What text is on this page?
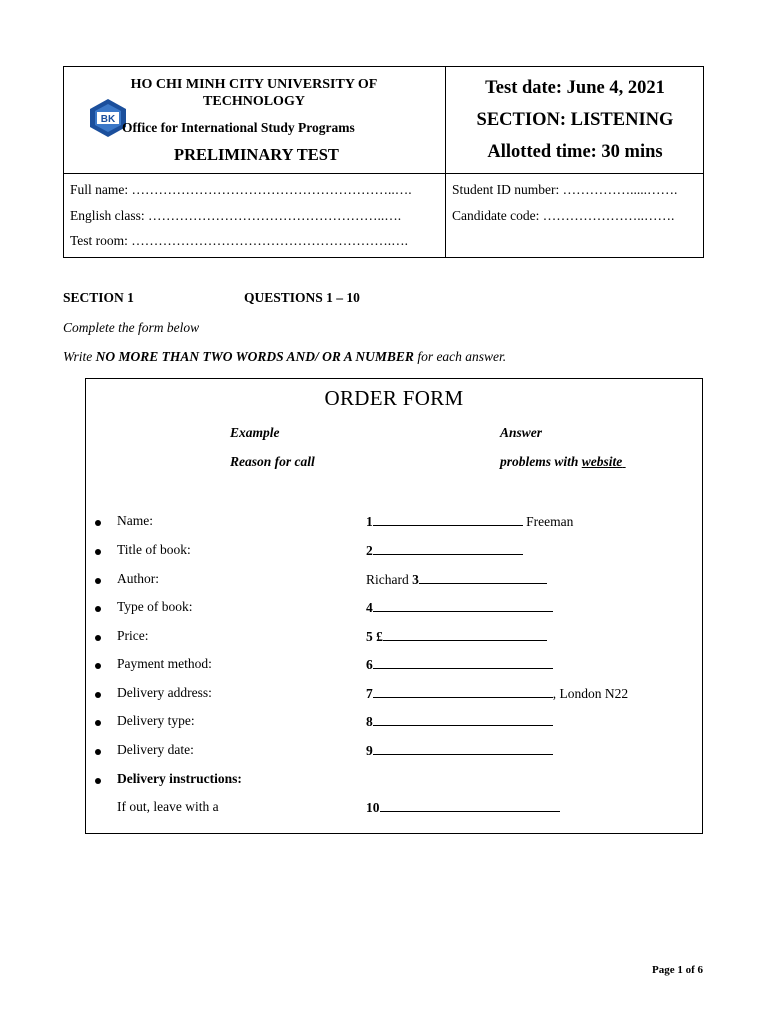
HO CHI MINH CITY UNIVERSITY OF TECHNOLOGY
BK
Office for International Study Programs
PRELIMINARY TEST
Test date: June 4, 2021
SECTION: LISTENING
Allotted time: 30 mins
Full name: …………………………………………………..….
English class: ……………………………………………..….
Test room: ………………………………………………….….
Student ID number: …………….....…….
Candidate code: …………………..…….
SECTION 1	QUESTIONS 1 – 10
Complete the form below
Write NO MORE THAN TWO WORDS AND/ OR A NUMBER for each answer.
ORDER FORM
Example	Answer
Reason for call	problems with website
Name:	1	Freeman
Title of book:	2
Author:	Richard 3
Type of book:	4
Price:	5 £
Payment method:	6
Delivery address:	7	, London N22
Delivery type:	8
Delivery date:	9
Delivery instructions:
If out, leave with a	10
Page 1 of 6
